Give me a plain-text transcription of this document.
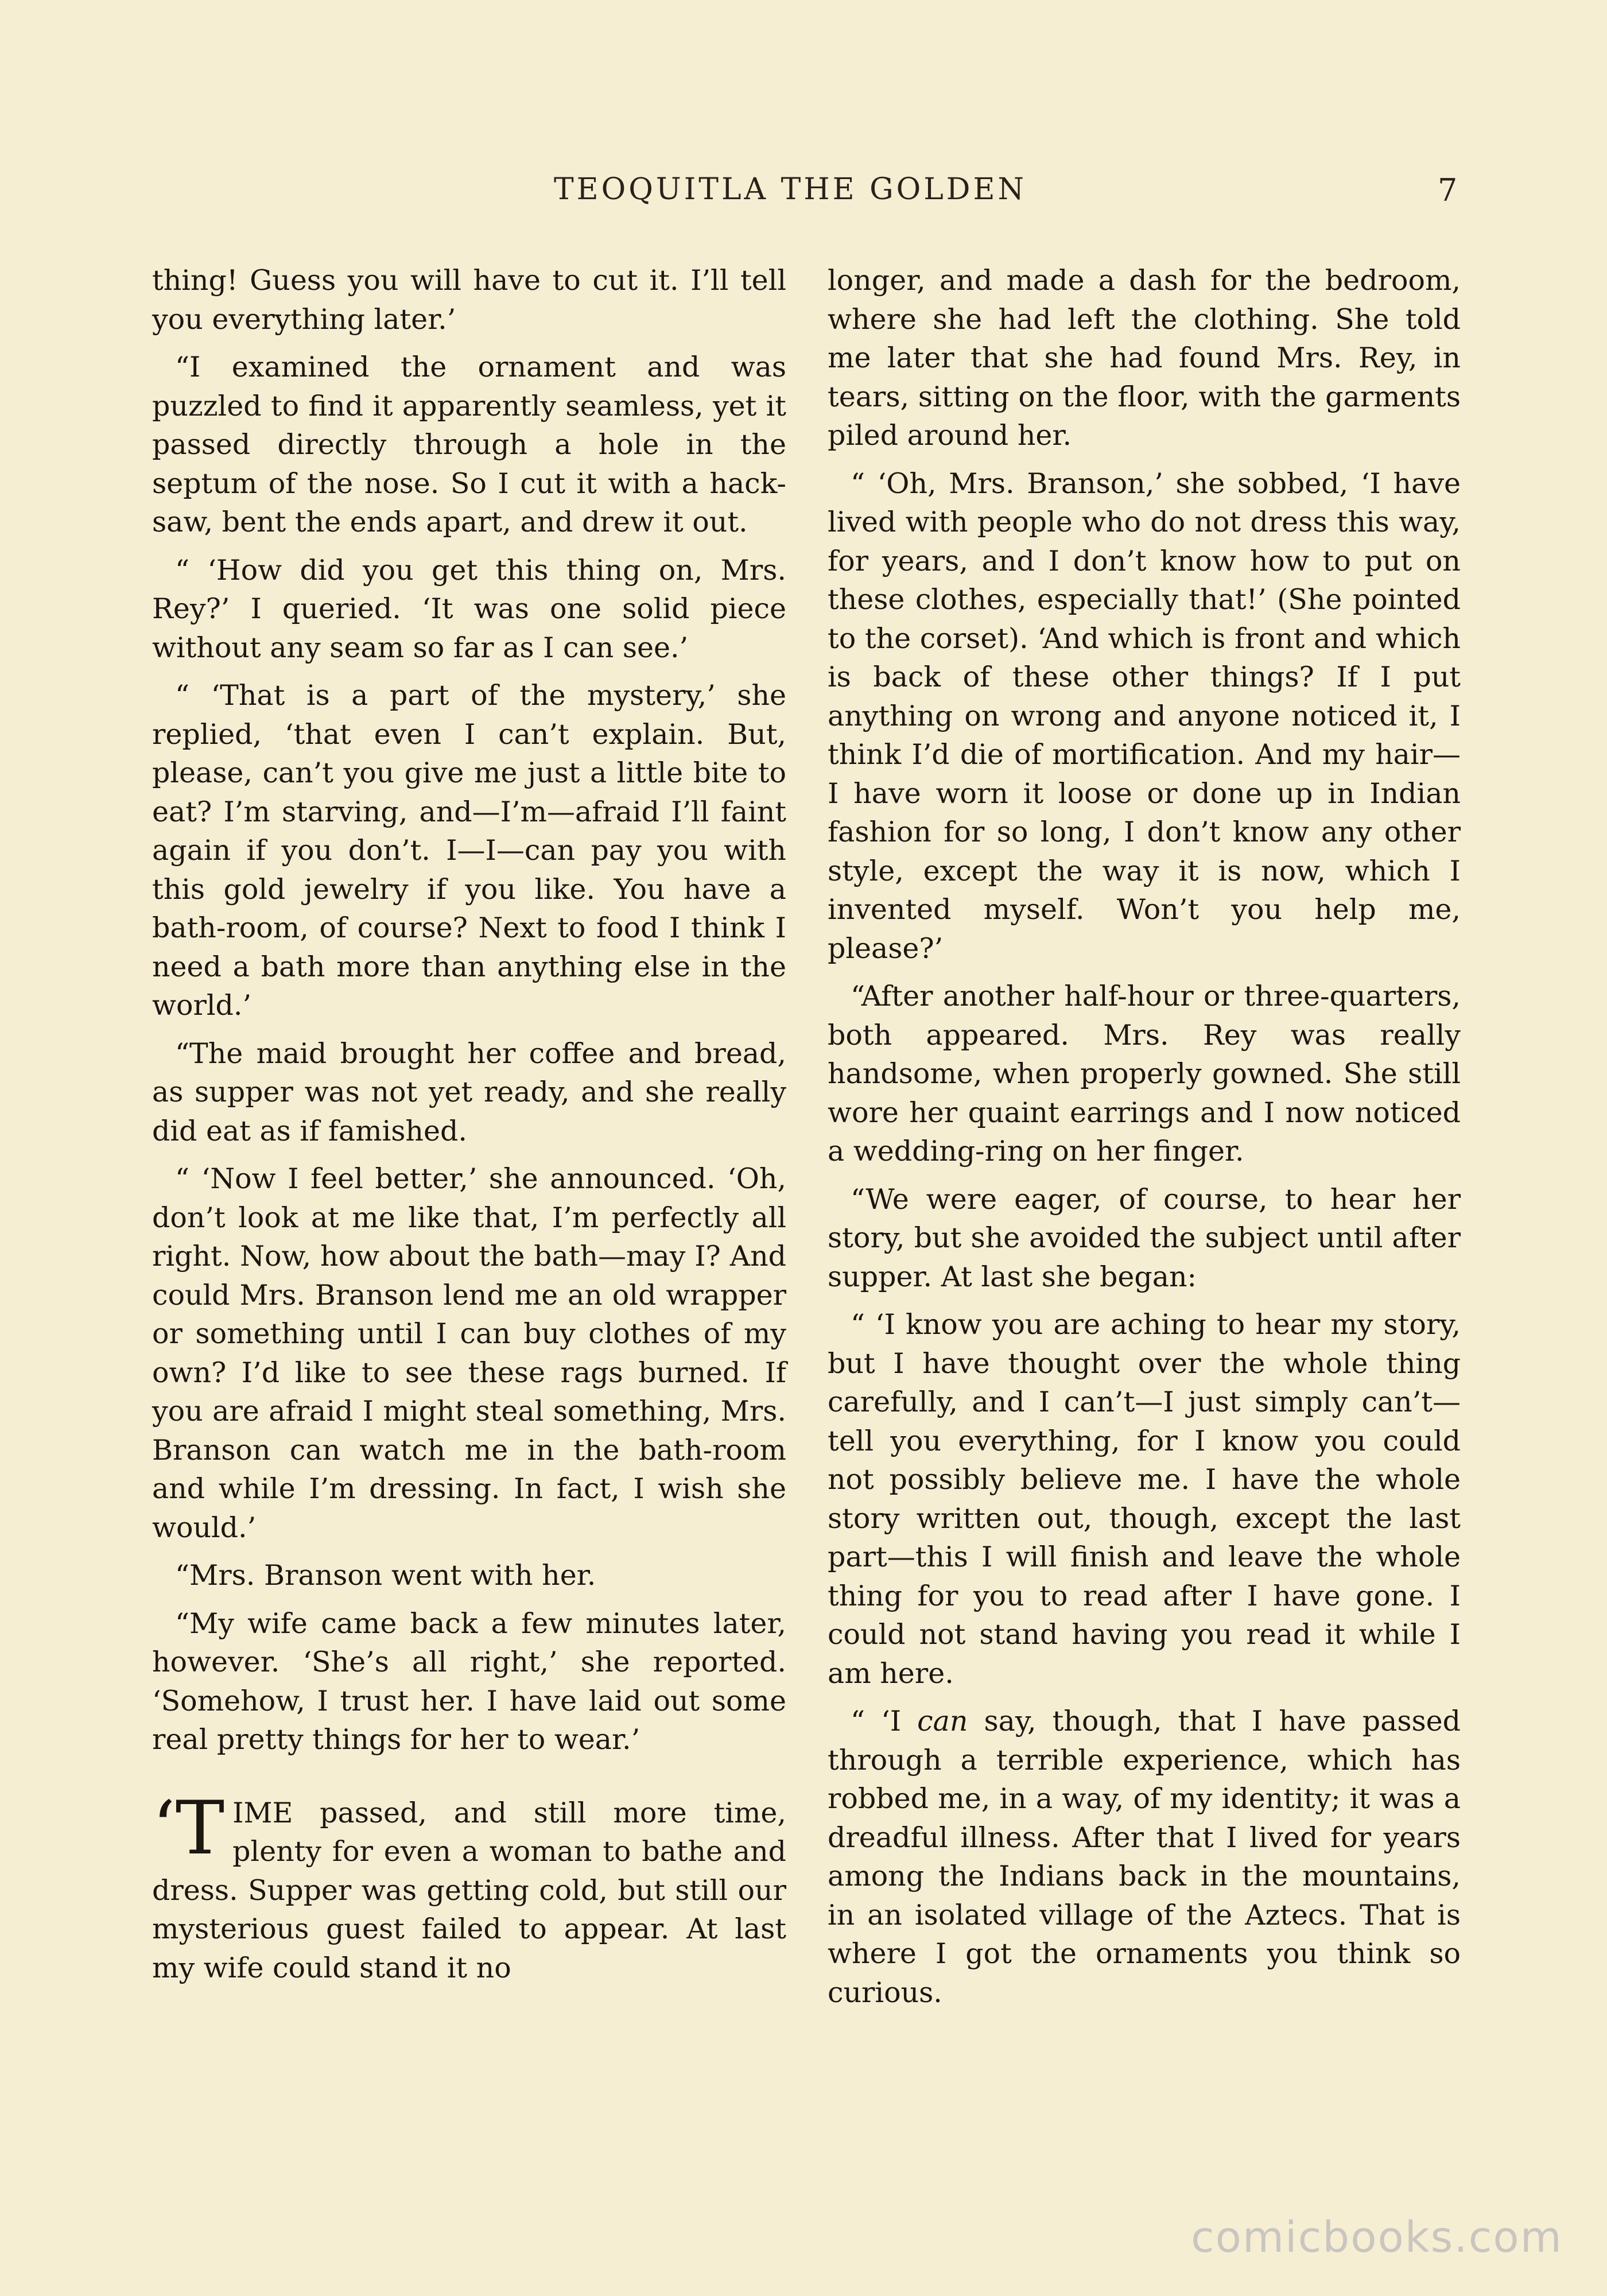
TEOQUITLA THE GOLDEN	7

thing! Guess you will have to cut it. I’ll tell you everything later.’

“I examined the ornament and was puzzled to find it apparently seamless, yet it passed directly through a hole in the septum of the nose. So I cut it with a hack-saw, bent the ends apart, and drew it out.

“ ‘How did you get this thing on, Mrs. Rey?’ I queried. ‘It was one solid piece without any seam so far as I can see.’

“ ‘That is a part of the mystery,’ she replied, ‘that even I can’t explain. But, please, can’t you give me just a little bite to eat? I’m starving, and—I’m—afraid I’ll faint again if you don’t. I—I—can pay you with this gold jewelry if you like. You have a bath-room, of course? Next to food I think I need a bath more than anything else in the world.’

“The maid brought her coffee and bread, as supper was not yet ready, and she really did eat as if famished.

“ ‘Now I feel better,’ she announced. ‘Oh, don’t look at me like that, I’m perfectly all right. Now, how about the bath—may I? And could Mrs. Branson lend me an old wrapper or something until I can buy clothes of my own? I’d like to see these rags burned. If you are afraid I might steal something, Mrs. Branson can watch me in the bath-room and while I’m dressing. In fact, I wish she would.’

“Mrs. Branson went with her.

“My wife came back a few minutes later, however. ‘She’s all right,’ she reported. ‘Somehow, I trust her. I have laid out some real pretty things for her to wear.’

‘TIME passed, and still more time, plenty for even a woman to bathe and dress. Supper was getting cold, but still our mysterious guest failed to appear. At last my wife could stand it no

longer, and made a dash for the bedroom, where she had left the clothing. She told me later that she had found Mrs. Rey, in tears, sitting on the floor, with the garments piled around her.

“ ‘Oh, Mrs. Branson,’ she sobbed, ‘I have lived with people who do not dress this way, for years, and I don’t know how to put on these clothes, especially that!’ (She pointed to the corset). ‘And which is front and which is back of these other things? If I put anything on wrong and anyone noticed it, I think I’d die of mortification. And my hair—I have worn it loose or done up in Indian fashion for so long, I don’t know any other style, except the way it is now, which I invented myself. Won’t you help me, please?’

“After another half-hour or three-quarters, both appeared. Mrs. Rey was really handsome, when properly gowned. She still wore her quaint earrings and I now noticed a wedding-ring on her finger.

“We were eager, of course, to hear her story, but she avoided the subject until after supper. At last she began:

“ ‘I know you are aching to hear my story, but I have thought over the whole thing carefully, and I can’t—I just simply can’t—tell you everything, for I know you could not possibly believe me. I have the whole story written out, though, except the last part—this I will finish and leave the whole thing for you to read after I have gone. I could not stand having you read it while I am here.

“ ‘I can say, though, that I have passed through a terrible experience, which has robbed me, in a way, of my identity; it was a dreadful illness. After that I lived for years among the Indians back in the mountains, in an isolated village of the Aztecs. That is where I got the ornaments you think so curious.

comicbooks.com
